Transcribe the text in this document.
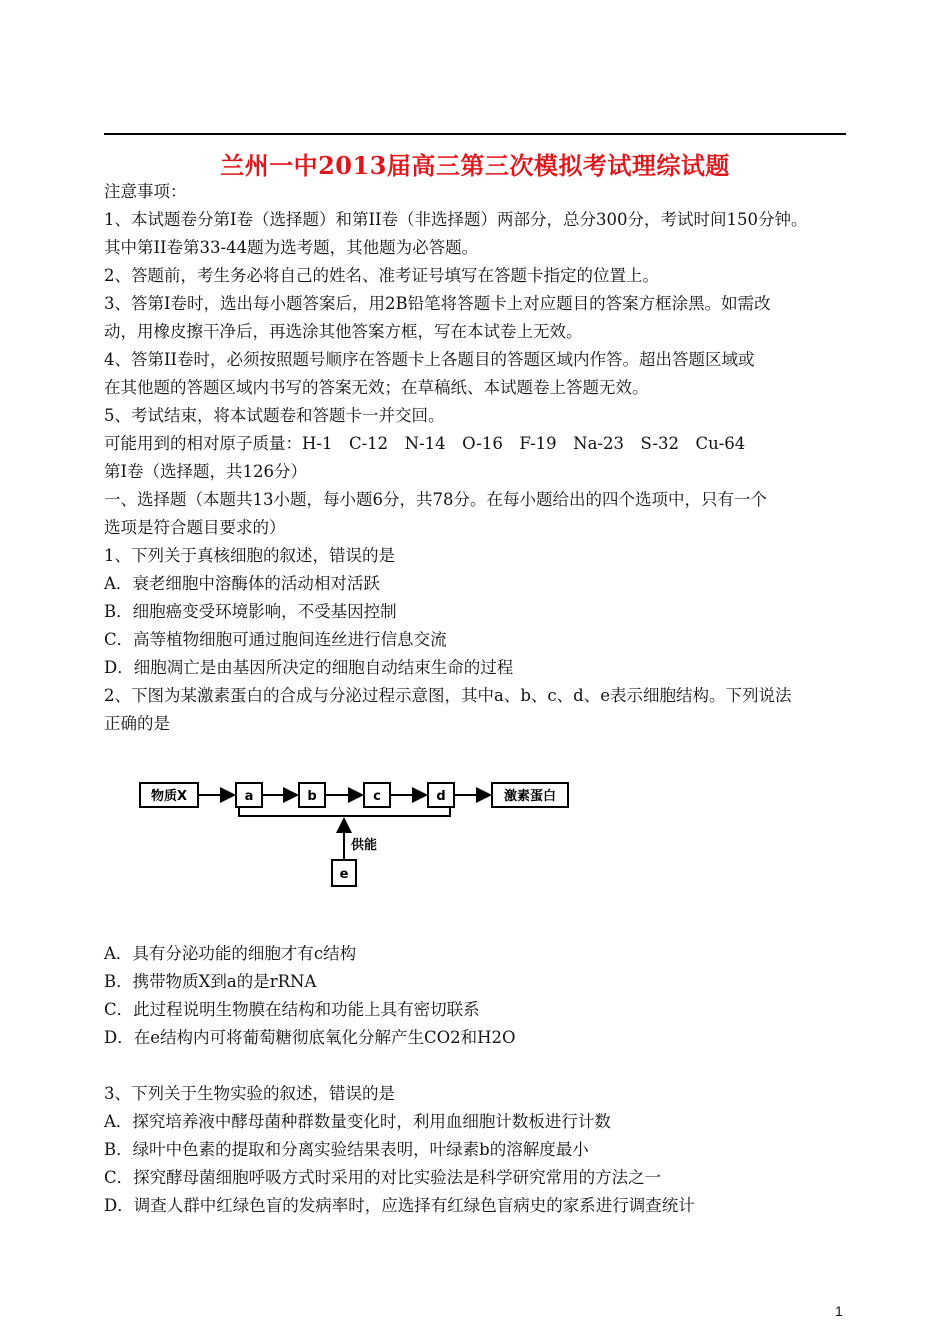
兰州一中2013届高三第三次模拟考试理综试题
注意事项：
1、本试题卷分第I卷（选择题）和第II卷（非选择题）两部分，总分300分，考试时间150分钟。
其中第II卷第33-44题为选考题，其他题为必答题。
2、答题前，考生务必将自己的姓名、准考证号填写在答题卡指定的位置上。
3、答第I卷时，选出每小题答案后，用2B铅笔将答题卡上对应题目的答案方框涂黑。如需改
动，用橡皮擦干净后，再选涂其他答案方框，写在本试卷上无效。
4、答第II卷时，必须按照题号顺序在答题卡上各题目的答题区域内作答。超出答题区域或
在其他题的答题区域内书写的答案无效；在草稿纸、本试题卷上答题无效。
5、考试结束，将本试题卷和答题卡一并交回。
可能用到的相对原子质量：H-1　C-12　N-14　O-16　F-19　Na-23　S-32　Cu-64
第Ⅰ卷（选择题，共126分）
一、选择题（本题共13小题，每小题6分，共78分。在每小题给出的四个选项中，只有一个
选项是符合题目要求的）
1、下列关于真核细胞的叙述，错误的是
A．衰老细胞中溶酶体的活动相对活跃
B．细胞癌变受环境影响，不受基因控制
C．高等植物细胞可通过胞间连丝进行信息交流
D．细胞凋亡是由基因所决定的细胞自动结束生命的过程
2、下图为某激素蛋白的合成与分泌过程示意图，其中a、b、c、d、e表示细胞结构。下列说法
正确的是
物质X	a	b	c	d	激素蛋白
供能
e
A．具有分泌功能的细胞才有c结构
B．携带物质X到a的是rRNA
C．此过程说明生物膜在结构和功能上具有密切联系
D．在e结构内可将葡萄糖彻底氧化分解产生CO2和H2O
3、下列关于生物实验的叙述，错误的是
A．探究培养液中酵母菌种群数量变化时，利用血细胞计数板进行计数
B．绿叶中色素的提取和分离实验结果表明，叶绿素b的溶解度最小
C．探究酵母菌细胞呼吸方式时采用的对比实验法是科学研究常用的方法之一
D．调查人群中红绿色盲的发病率时，应选择有红绿色盲病史的家系进行调查统计
1
